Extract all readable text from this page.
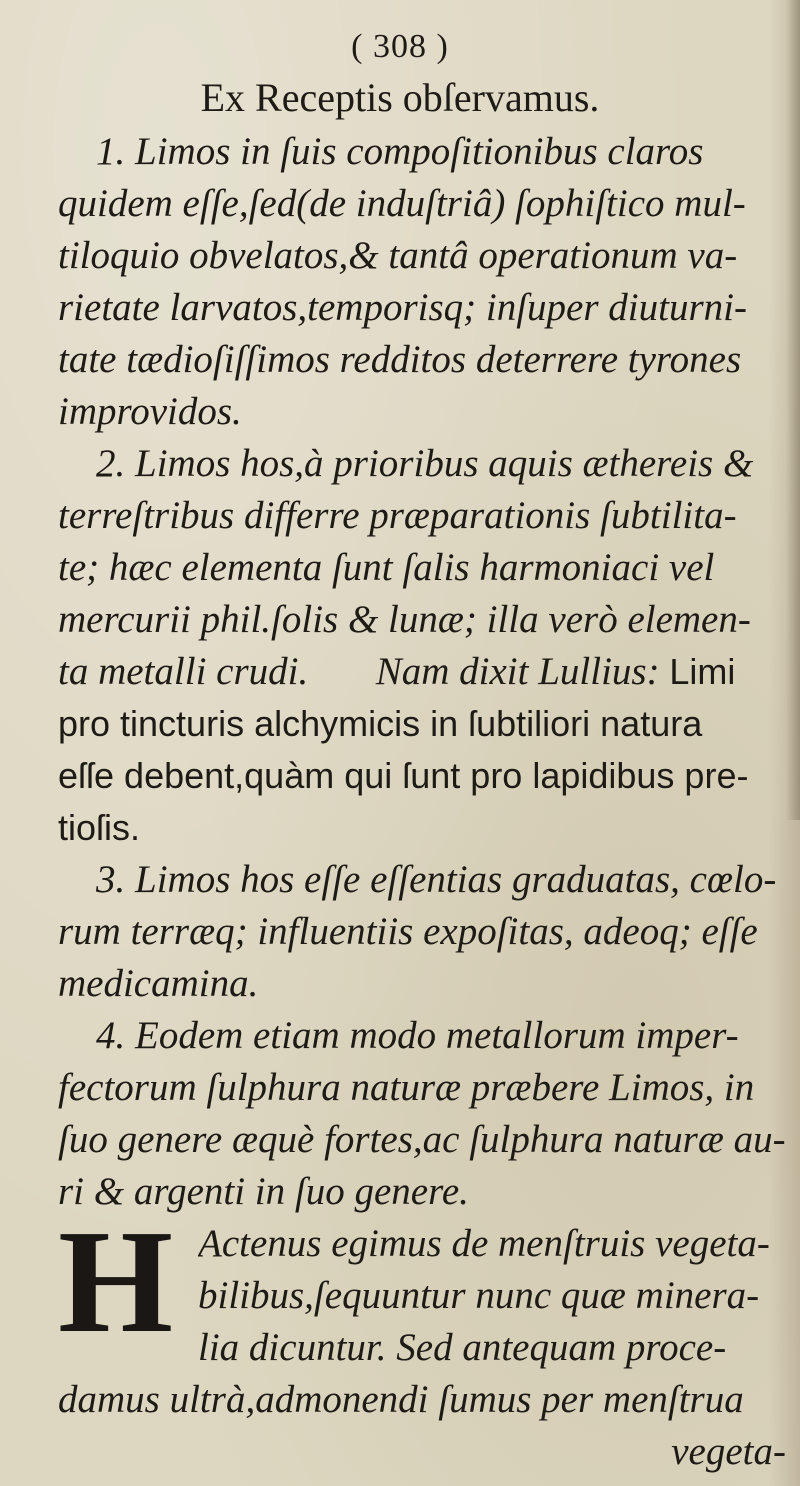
( 308 )
Ex Receptis obſervamus.
1. Limos in ſuis compoſitionibus claros
quidem eſſe,ſed(de induſtriâ) ſophiſtico mul-
tiloquio obvelatos,& tantâ operationum va-
rietate larvatos,temporisq; inſuper diuturni-
tate tædioſiſſimos redditos deterrere tyrones
improvidos.
2. Limos hos,à prioribus aquis æthereis &
terreſtribus differre præparationis ſubtilita-
te; hæc elementa ſunt ſalis harmoniaci vel
mercurii phil.ſolis & lunæ; illa verò elemen-
ta metalli crudi. Nam dixit Lullius: Limi
pro tincturis alchymicis in ſubtiliori natura
eſſe debent,quàm qui ſunt pro lapidibus pre-
tioſis.
3. Limos hos eſſe eſſentias graduatas, cœlo-
rum terræq; influentiis expoſitas, adeoq; eſſe
medicamina.
4. Eodem etiam modo metallorum imper-
fectorum ſulphura naturæ præbere Limos, in
ſuo genere æquè fortes,ac ſulphura naturæ au-
ri & argenti in ſuo genere.
H Actenus egimus de menſtruis vegeta-
bilibus,ſequuntur nunc quæ minera-
lia dicuntur. Sed antequam proce-
damus ultrà,admonendi ſumus per menſtrua
vegeta-
